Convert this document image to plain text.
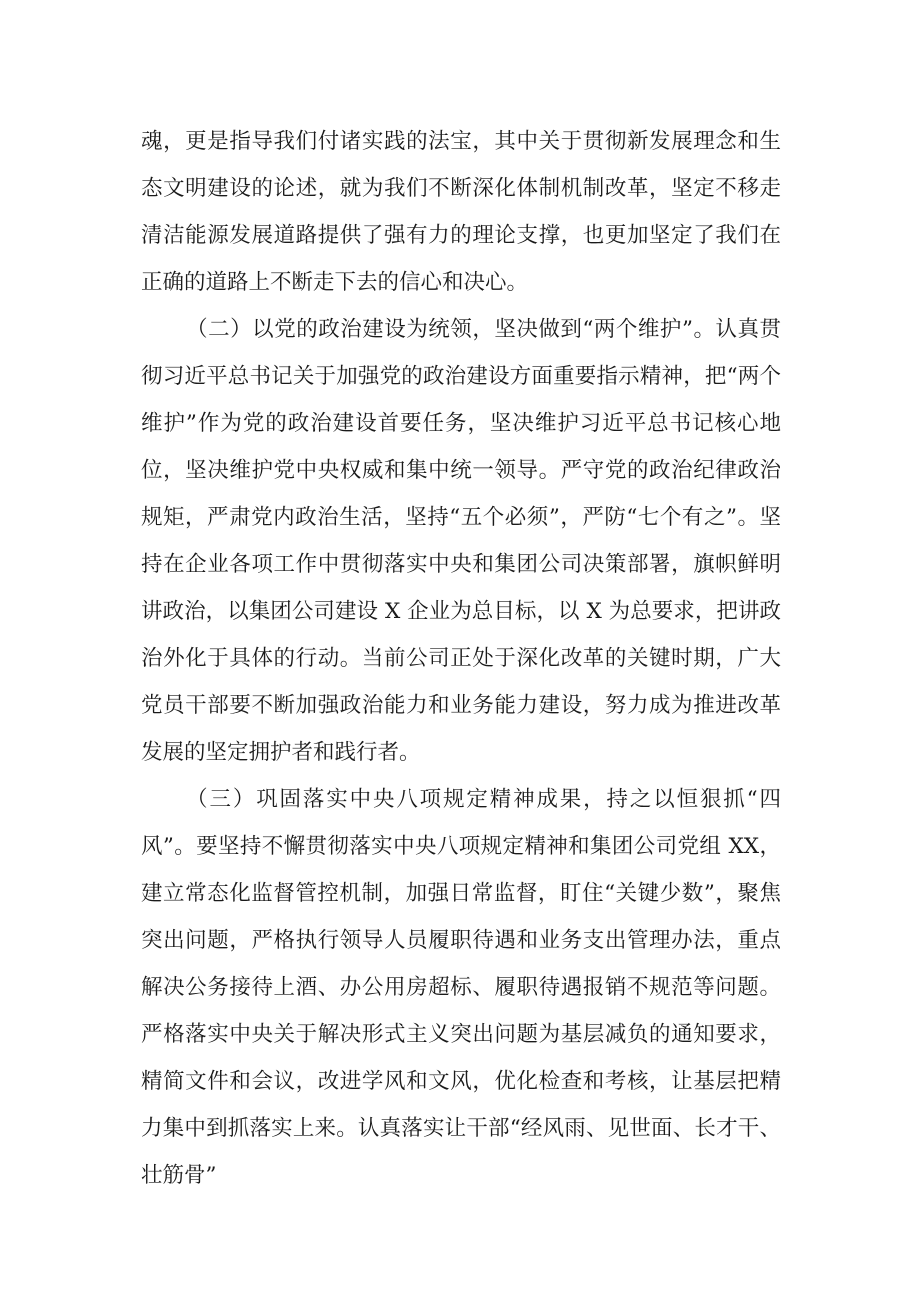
魂，更是指导我们付诸实践的法宝，其中关于贯彻新发展理念和生态文明建设的论述，就为我们不断深化体制机制改革，坚定不移走清洁能源发展道路提供了强有力的理论支撑，也更加坚定了我们在正确的道路上不断走下去的信心和决心。

（二）以党的政治建设为统领，坚决做到“两个维护”。认真贯彻习近平总书记关于加强党的政治建设方面重要指示精神，把“两个维护”作为党的政治建设首要任务，坚决维护习近平总书记核心地位，坚决维护党中央权威和集中统一领导。严守党的政治纪律政治规矩，严肃党内政治生活，坚持“五个必须”，严防“七个有之”。坚持在企业各项工作中贯彻落实中央和集团公司决策部署，旗帜鲜明讲政治，以集团公司建设 X 企业为总目标，以 X 为总要求，把讲政治外化于具体的行动。当前公司正处于深化改革的关键时期，广大党员干部要不断加强政治能力和业务能力建设，努力成为推进改革发展的坚定拥护者和践行者。

（三）巩固落实中央八项规定精神成果，持之以恒狠抓“四风”。要坚持不懈贯彻落实中央八项规定精神和集团公司党组 XX，建立常态化监督管控机制，加强日常监督，盯住“关键少数”，聚焦突出问题，严格执行领导人员履职待遇和业务支出管理办法，重点解决公务接待上酒、办公用房超标、履职待遇报销不规范等问题。严格落实中央关于解决形式主义突出问题为基层减负的通知要求，精简文件和会议，改进学风和文风，优化检查和考核，让基层把精力集中到抓落实上来。认真落实让干部“经风雨、见世面、长才干、壮筋骨”
